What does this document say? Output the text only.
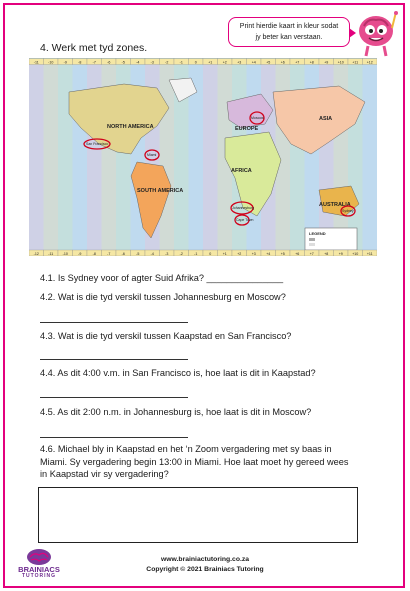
4. Werk met tyd zones.
Print hierdie kaart in kleur sodat
jy beter kan verstaan.
NORTH AMERICA
SOUTH AMERICA
EUROPE
AFRICA
ASIA
AUSTRALIA
San Francisco
Miami
Moscow
Johannesburg
Cape Town
Sydney
LEGEND
-11	-10	-9	-8	-7	-6	-5	-4	-3	-2	-1	0	+1	+2	+3	+4	+5	+6	+7	+8	+9	+10 +11 +12
-12	-11	-10	-9	-8	-7	-6	-5	-4	-3	-2	-1	0	+1	+2	+3	+4	+5	+6	+7	+8	+9	+10 +11
4.1. Is Sydney voor of agter Suid Afrika? _______________
4.2. Wat is die tyd verskil tussen Johannesburg en Moscow?
4.3. Wat is die tyd verskil tussen Kaapstad en San Francisco?
4.4. As dit 4:00 v.m. in San Francisco is, hoe laat is dit in Kaapstad?
4.5. As dit 2:00 n.m. in Johannesburg is, hoe laat is dit in Moscow?
4.6. Michael bly in Kaapstad en het ‘n Zoom vergadering met sy baas in
Miami. Sy vergadering begin 13:00 in Miami. Hoe laat moet hy gereed wees
in Kaapstad vir sy vergadering?
www.brainiactutoring.co.za
Copyright © 2021 Brainiacs Tutoring
BRAINIACS
TUTORING
